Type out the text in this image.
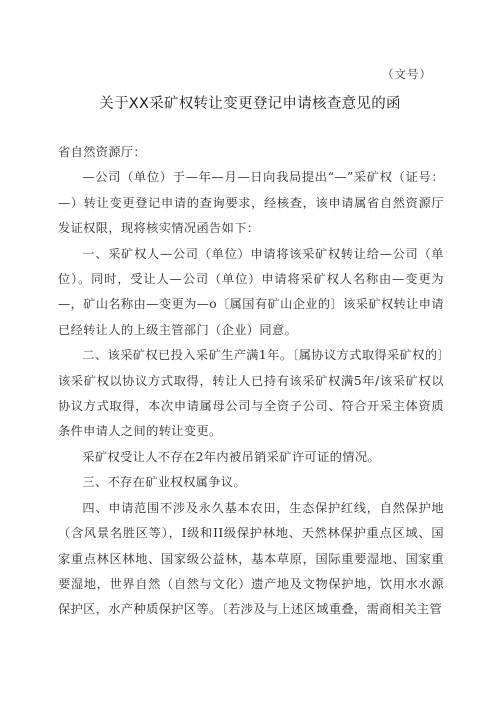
（文号）
关于XX采矿权转让变更登记申请核查意见的函

省自然资源厅：

—公司（单位）于—年—月—日向我局提出“—”采矿权（证号：—）转让变更登记申请的查询要求，经核查，该申请属省自然资源厅发证权限，现将核实情况函告如下：

一、采矿权人—公司（单位）申请将该采矿权转让给—公司（单位）。同时，受让人—公司（单位）申请将采矿权人名称由—变更为—，矿山名称由—变更为—o〔属国有矿山企业的〕该采矿权转让申请已经转让人的上级主管部门（企业）同意。

二、该采矿权已投入采矿生产满1年。〔属协议方式取得采矿权的〕该采矿权以协议方式取得，转让人已持有该采矿权满5年/该采矿权以协议方式取得，本次申请属母公司与全资子公司、符合开采主体资质条件申请人之间的转让变更。

采矿权受让人不存在2年内被吊销采矿许可证的情况。

三、不存在矿业权权属争议。

四、申请范围不涉及永久基本农田，生态保护红线，自然保护地（含风景名胜区等），I级和II级保护林地、天然林保护重点区域、国家重点林区林地、国家级公益林，基本草原，国际重要湿地、国家重要湿地，世界自然（自然与文化）遗产地及文物保护地，饮用水水源保护区，水产种质保护区等。〔若涉及与上述区域重叠，需商相关主管
